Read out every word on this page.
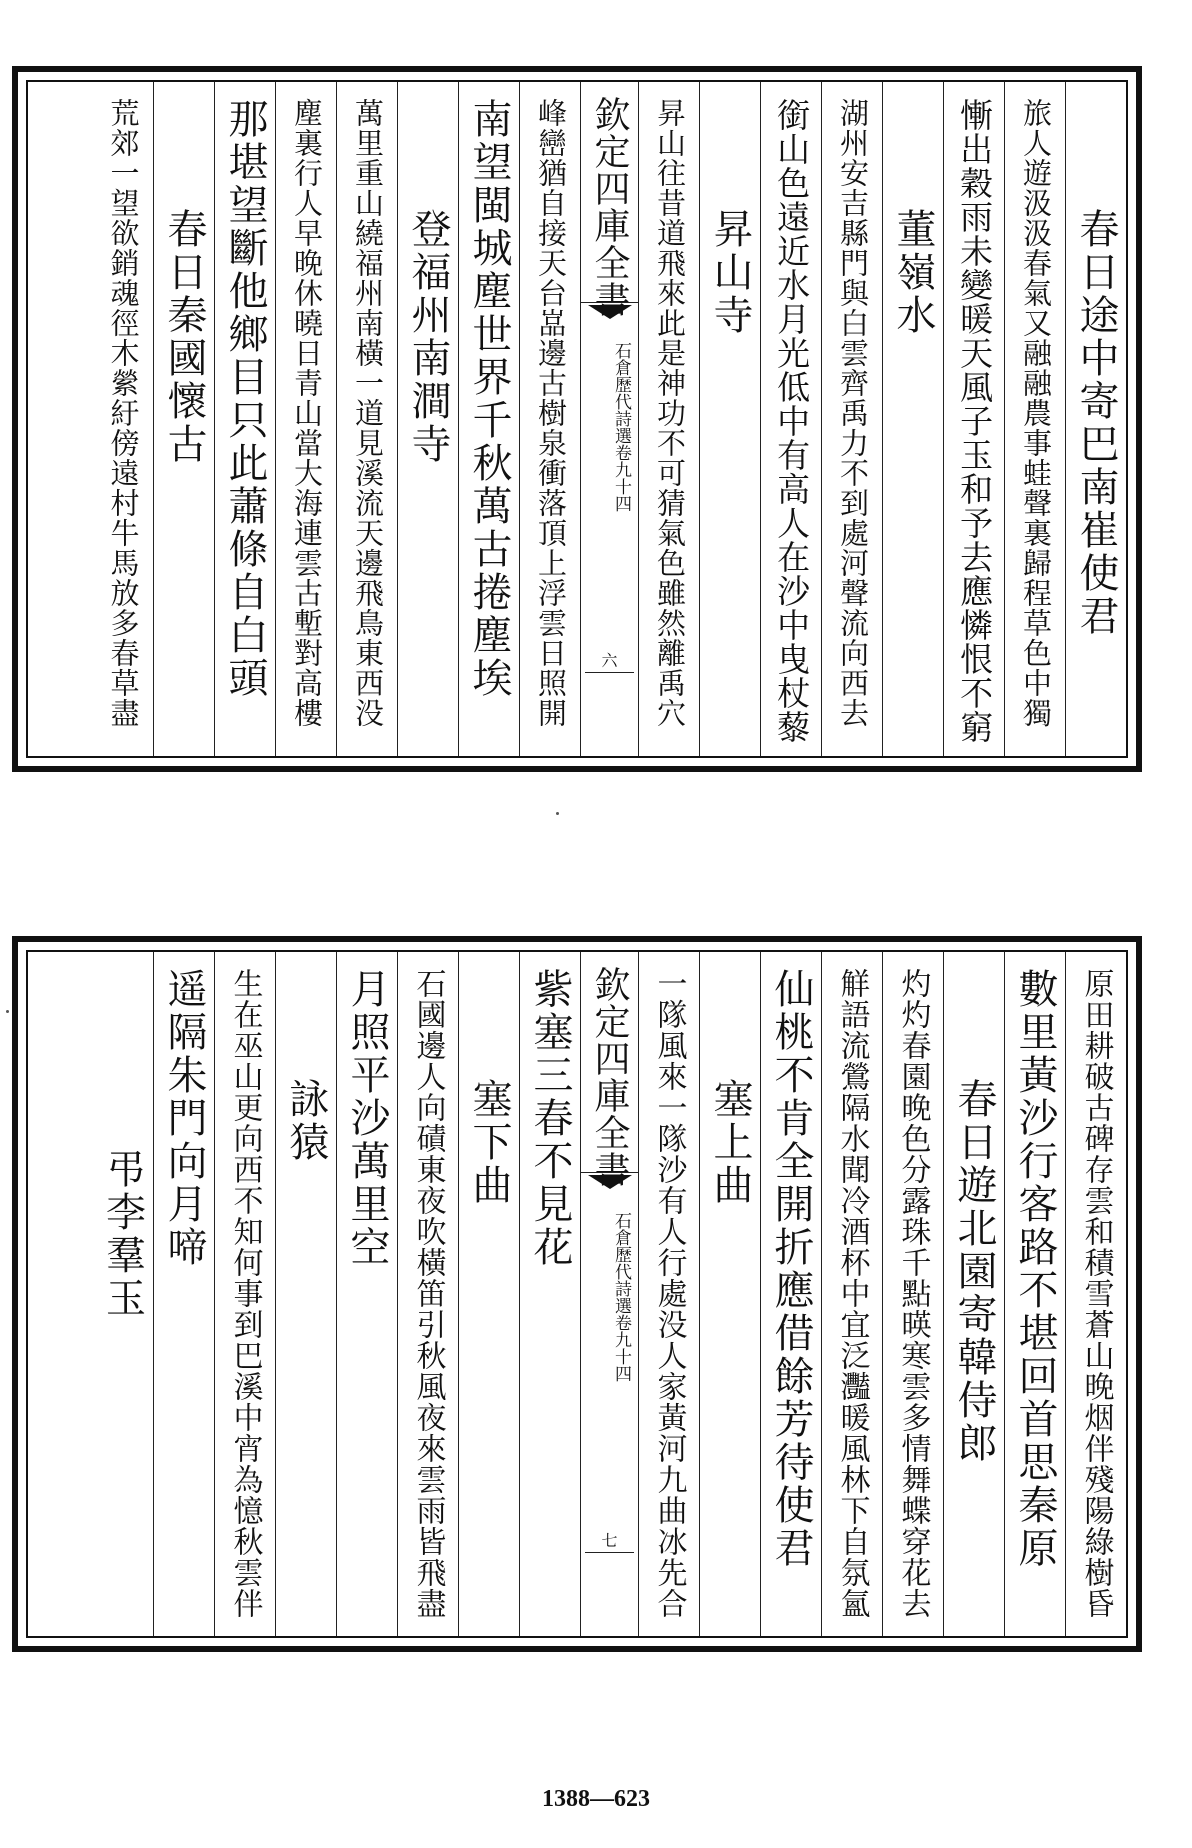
春日途中寄巴南崔使君
旅人遊汲汲春氣又融融農事蛙聲裏歸程草色中獨
慚出穀雨未變暖天風子玉和予去應憐恨不窮
董嶺水
湖州安吉縣門與白雲齊禹力不到處河聲流向西去
銜山色遠近水月光低中有高人在沙中曳杖藜
昇山寺
昇山往昔道飛來此是神功不可猜氣色雖然離禹穴
欽定四庫全書
石倉歷代詩選
卷九十四
六
峰巒猶自接天台嵓邊古樹泉衝落頂上浮雲日照開
南望閩城塵世界千秋萬古捲塵埃
登福州南澗寺
萬里重山繞福州南橫一道見溪流天邊飛鳥東西没
塵裏行人早晚休曉日青山當大海連雲古塹對高樓
那堪望斷他鄉目只此蕭條自白頭
春日秦國懷古
荒郊一望欲銷魂徑木縈紆傍遠村牛馬放多春草盡
原田耕破古碑存雲和積雪蒼山晚烟伴殘陽綠樹昏
數里黃沙行客路不堪回首思秦原
春日遊北園寄韓侍郎
灼灼春園晚色分露珠千點暎寒雲多情舞蝶穿花去
觧語流鶯隔水聞冷酒杯中宜泛灩暖風林下自氛氳
仙桃不肯全開折應借餘芳待使君
塞上曲
一隊風來一隊沙有人行處没人家黃河九曲冰先合
欽定四庫全書
石倉歷代詩選
卷九十四
七
紫塞三春不見花
塞下曲
石國邊人向磧東夜吹橫笛引秋風夜來雲雨皆飛盡
月照平沙萬里空
詠猿
生在巫山更向西不知何事到巴溪中宵為憶秋雲伴
遥隔朱門向月啼
弔李羣玉
1388—623
